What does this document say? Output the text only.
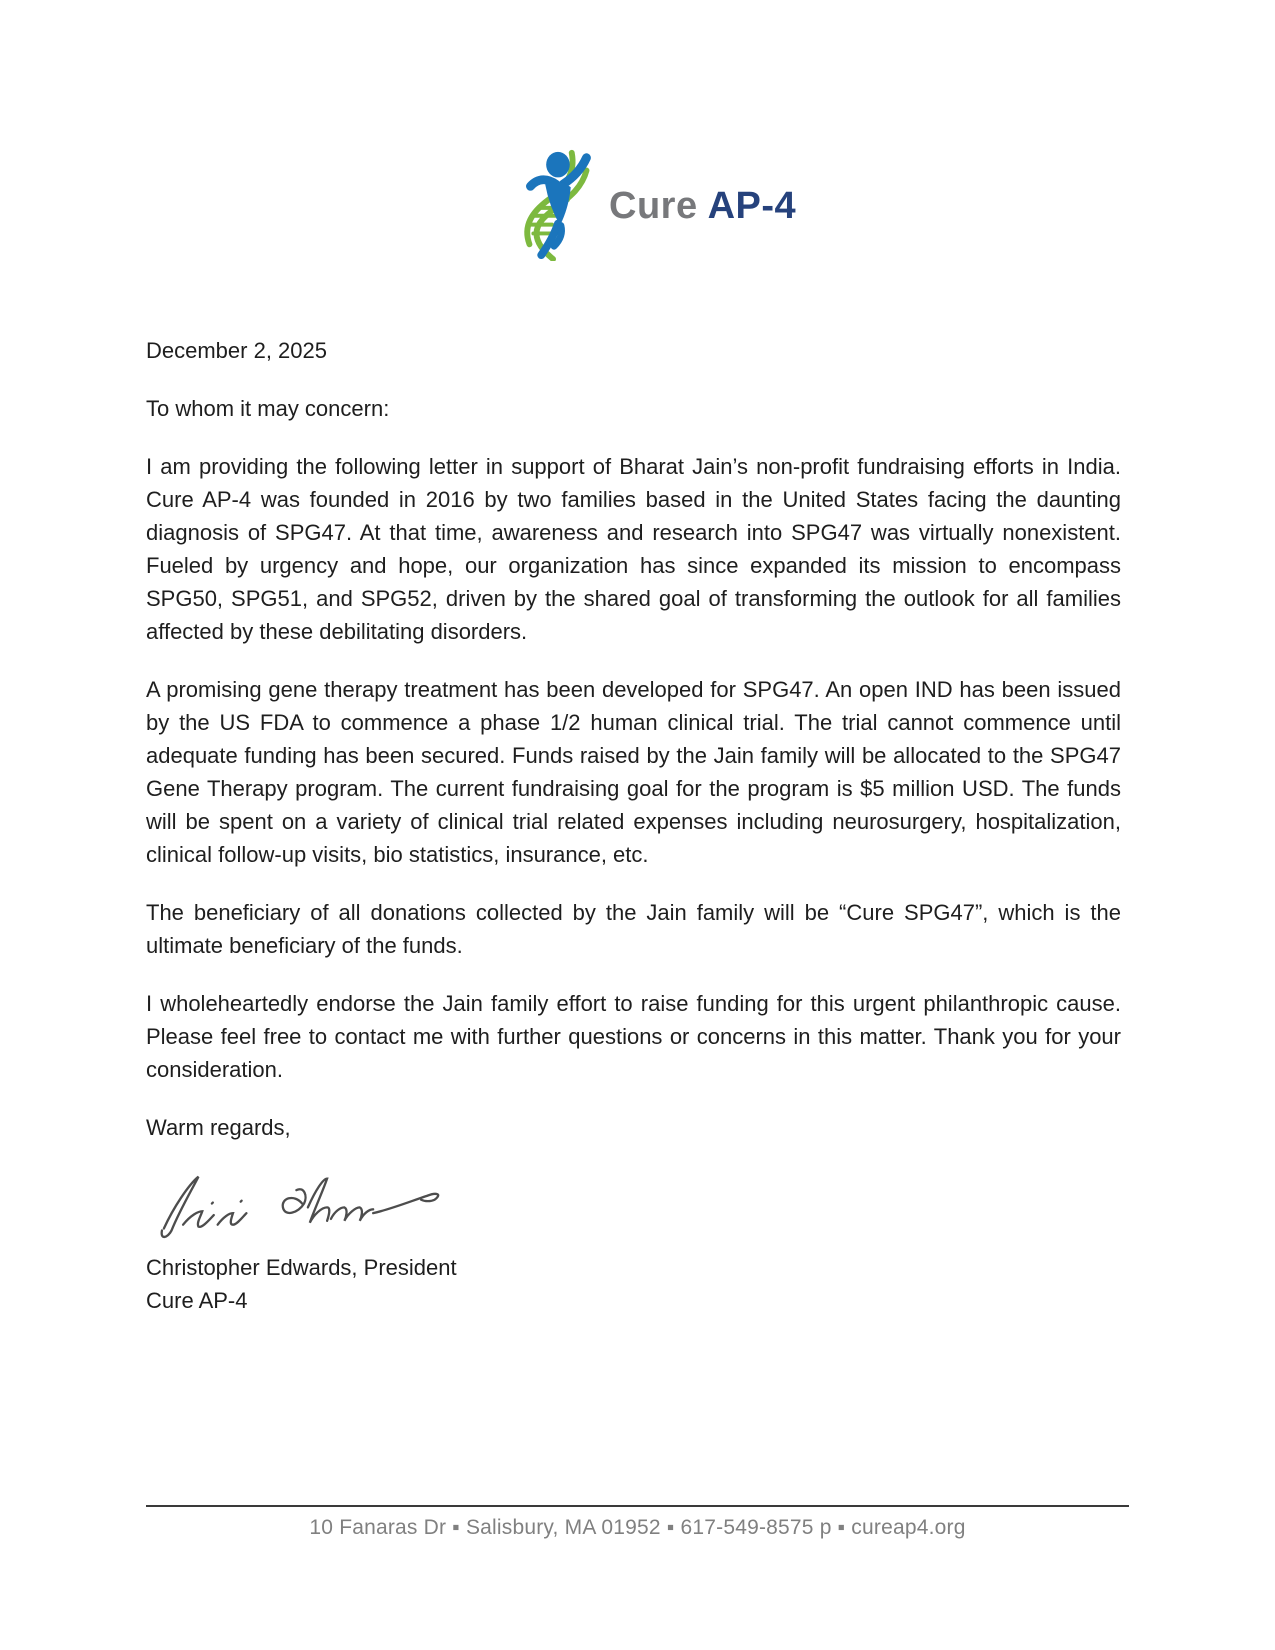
Cure AP-4

December 2, 2025

To whom it may concern:

I am providing the following letter in support of Bharat Jain’s non-profit fundraising efforts in India. Cure AP-4 was founded in 2016 by two families based in the United States facing the daunting diagnosis of SPG47. At that time, awareness and research into SPG47 was virtually nonexistent. Fueled by urgency and hope, our organization has since expanded its mission to encompass SPG50, SPG51, and SPG52, driven by the shared goal of transforming the outlook for all families affected by these debilitating disorders.

A promising gene therapy treatment has been developed for SPG47. An open IND has been issued by the US FDA to commence a phase 1/2 human clinical trial. The trial cannot commence until adequate funding has been secured. Funds raised by the Jain family will be allocated to the SPG47 Gene Therapy program. The current fundraising goal for the program is $5 million USD. The funds will be spent on a variety of clinical trial related expenses including neurosurgery, hospitalization, clinical follow-up visits, bio statistics, insurance, etc.

The beneficiary of all donations collected by the Jain family will be “Cure SPG47”, which is the ultimate beneficiary of the funds.

I wholeheartedly endorse the Jain family effort to raise funding for this urgent philanthropic cause. Please feel free to contact me with further questions or concerns in this matter. Thank you for your consideration.

Warm regards,

Christopher Edwards, President

Cure AP-4

10 Fanaras Dr ▪ Salisbury, MA 01952 ▪ 617-549-8575 p ▪ cureap4.org
